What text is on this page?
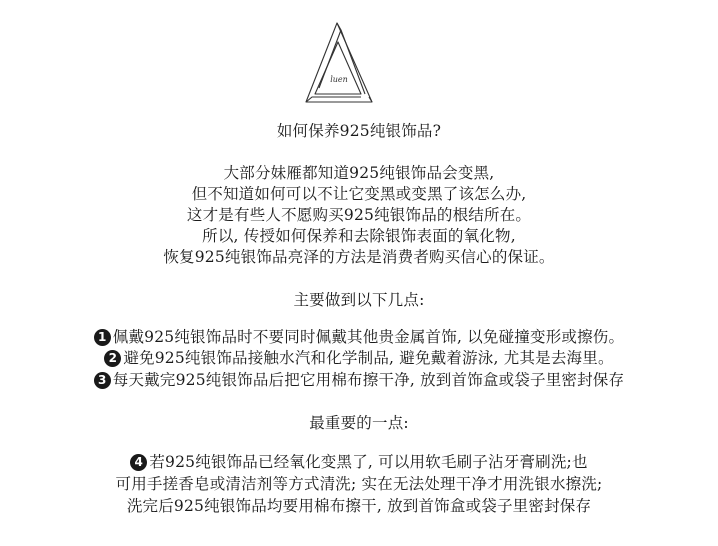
luen
如何保养925纯银饰品?
大部分妹雁都知道925纯银饰品会变黑,
但不知道如何可以不让它变黑或变黑了该怎么办,
这才是有些人不愿购买925纯银饰品的根结所在。
所以, 传授如何保养和去除银饰表面的氧化物,
恢复925纯银饰品亮泽的方法是消费者购买信心的保证。
主要做到以下几点:
1 佩戴925纯银饰品时不要同时佩戴其他贵金属首饰, 以免碰撞变形或擦伤。
2 避免925纯银饰品接触水汽和化学制品, 避免戴着游泳, 尤其是去海里。
3 每天戴完925纯银饰品后把它用棉布擦干净, 放到首饰盒或袋子里密封保存
最重要的一点:
4 若925纯银饰品已经氧化变黑了, 可以用软毛刷子沾牙膏刷洗;也
可用手搓香皂或清洁剂等方式清洗; 实在无法处理干净才用洗银水擦洗;
洗完后925纯银饰品均要用棉布擦干, 放到首饰盒或袋子里密封保存
